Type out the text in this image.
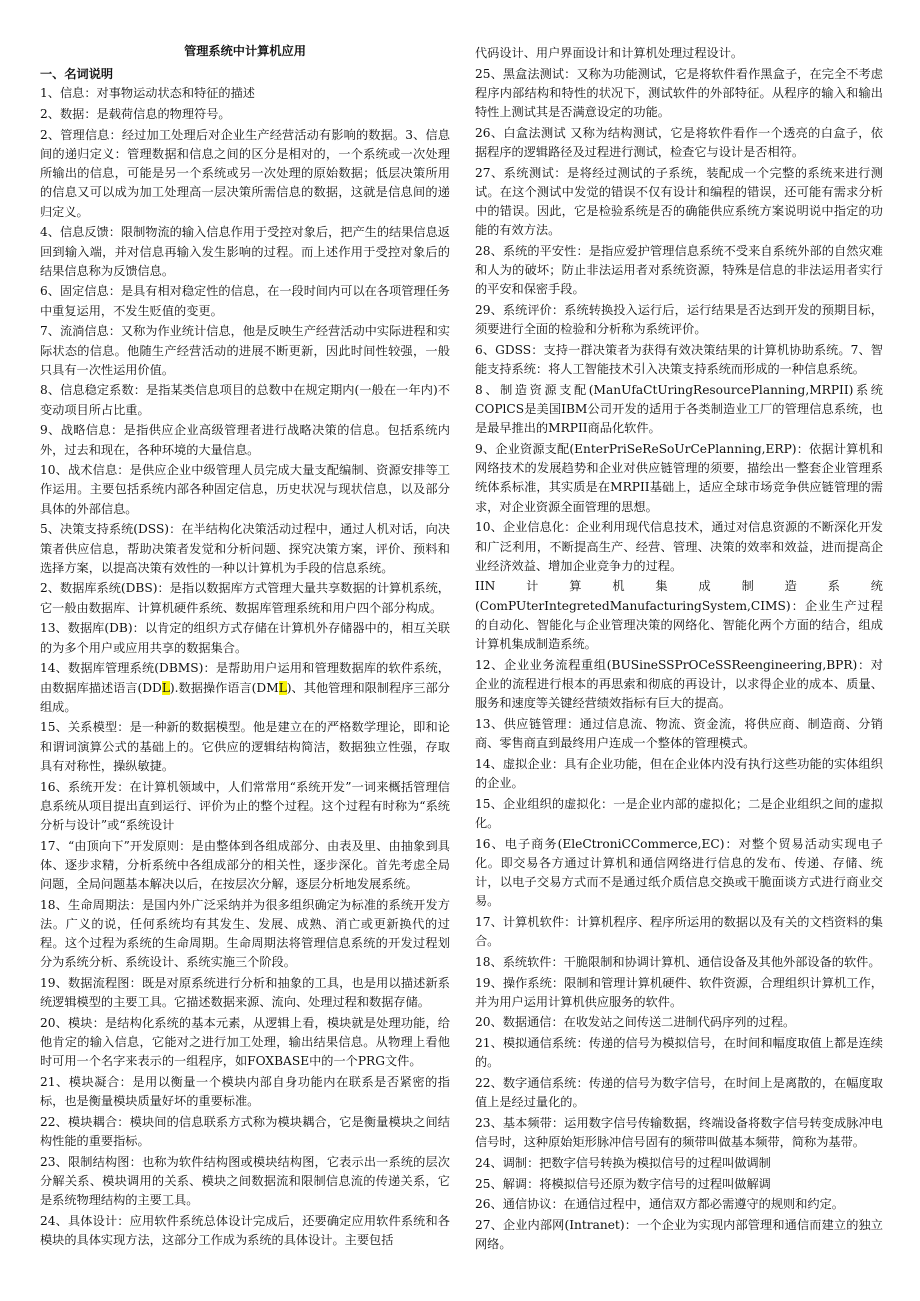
管理系统中计算机应用
一、名词说明
1、信息：对事物运动状态和特征的描述
2、数据：是载荷信息的物理符号。
2、管理信息：经过加工处理后对企业生产经营活动有影响的数据。3、信息间的递归定义：管理数据和信息之间的区分是相对的，一个系统或一次处理所输出的信息，可能是另一个系统或另一次处理的原始数据；低层决策所用的信息又可以成为加工处理高一层决策所需信息的数据，这就是信息间的递归定义。
4、信息反馈：限制物流的输入信息作用于受控对象后，把产生的结果信息返回到输入端，并对信息再输入发生影响的过程。而上述作用于受控对象后的结果信息称为反馈信息。
6、固定信息：是具有相对稳定性的信息，在一段时间内可以在各项管理任务中重复运用，不发生贬值的变更。
7、流淌信息：又称为作业统计信息，他是反映生产经营活动中实际进程和实际状态的信息。他随生产经营活动的进展不断更新，因此时间性较强，一般只具有一次性运用价值。
8、信息稳定系数：是指某类信息项目的总数中在规定期内(一般在一年内)不变动项目所占比重。
9、战略信息：是指供应企业高级管理者进行战略决策的信息。包括系统内外，过去和现在，各种环境的大量信息。
10、战术信息：是供应企业中级管理人员完成大量支配编制、资源安排等工作运用。主要包括系统内部各种固定信息，历史状况与现状信息，以及部分具体的外部信息。
5、决策支持系统(DSS)：在半结构化决策活动过程中，通过人机对话，向决策者供应信息，帮助决策者发觉和分析问题、探究决策方案，评价、预料和选择方案，以提高决策有效性的一种以计算机为手段的信息系统。
2、数据库系统(DBS)：是指以数据库方式管理大量共享数据的计算机系统，它一般由数据库、计算机硬件系统、数据库管理系统和用户四个部分构成。
13、数据库(DB)：以肯定的组织方式存储在计算机外存储器中的，相互关联的为多个用户或应用共享的数据集合。
14、数据库管理系统(DBMS)：是帮助用户运用和管理数据库的软件系统，由数据库描述语言(DDL).数据操作语言(DML)、其他管理和限制程序三部分组成。
15、关系模型：是一种新的数据模型。他是建立在的严格数学理论，即和论和谓词演算公式的基础上的。它供应的逻辑结构简洁，数据独立性强，存取具有对称性，操纵敏捷。
16、系统开发：在计算机领域中，人们常常用“系统开发”一词来概括管理信息系统从项目提出直到运行、评价为止的整个过程。这个过程有时称为“系统分析与设计”或“系统设计
17、“由顶向下”开发原则：是由整体到各组成部分、由表及里、由抽象到具体、逐步求精，分析系统中各组成部分的相关性，逐步深化。首先考虑全局问题，全局问题基本解决以后，在按层次分解，逐层分析地发展系统。
18、生命周期法：是国内外广泛采纳并为很多组织确定为标准的系统开发方法。广义的说，任何系统均有其发生、发展、成熟、消亡或更新换代的过程。这个过程为系统的生命周期。生命周期法将管理信息系统的开发过程划分为系统分析、系统设计、系统实施三个阶段。
19、数据流程图：既是对原系统进行分析和抽象的工具，也是用以描述新系统逻辑模型的主要工具。它描述数据来源、流向、处理过程和数据存储。
20、模块：是结构化系统的基本元素，从逻辑上看，模块就是处理功能，给他肯定的输入信息，它能对之进行加工处理，输出结果信息。从物理上看他时可用一个名字来表示的一组程序，如FOXBASE中的一个PRG文件。
21、模块凝合：是用以衡量一个模块内部自身功能内在联系是否紧密的指标，也是衡量模块质量好坏的重要标准。
22、模块耦合：模块间的信息联系方式称为模块耦合，它是衡量模块之间结构性能的重要指标。
23、限制结构图：也称为软件结构图或模块结构图，它表示出一系统的层次分解关系、模块调用的关系、模块之间数据流和限制信息流的传递关系，它是系统物理结构的主要工具。
24、具体设计：应用软件系统总体设计完成后，还要确定应用软件系统和各模块的具体实现方法，这部分工作成为系统的具体设计。主要包括
代码设计、用户界面设计和计算机处理过程设计。
25、黑盒法测试：又称为功能测试，它是将软件看作黑盒子，在完全不考虑程序内部结构和特性的状况下，测试软件的外部特征。从程序的输入和输出特性上测试其是否满意设定的功能。
26、白盒法测试 又称为结构测试，它是将软件看作一个透亮的白盒子，依据程序的逻辑路径及过程进行测试，检查它与设计是否相符。
27、系统测试：是将经过测试的子系统，装配成一个完整的系统来进行测试。在这个测试中发觉的错误不仅有设计和编程的错误，还可能有需求分析中的错误。因此，它是检验系统是否的确能供应系统方案说明说中指定的功能的有效方法。
28、系统的平安性：是指应爱护管理信息系统不受来自系统外部的自然灾难和人为的破坏；防止非法运用者对系统资源，特殊是信息的非法运用者实行的平安和保密手段。
29、系统评价：系统转换投入运行后，运行结果是否达到开发的预期目标，须要进行全面的检验和分析称为系统评价。
6、GDSS：支持一群决策者为获得有效决策结果的计算机协助系统。7、智能支持系统：将人工智能技术引入决策支持系统而形成的一种信息系统。
8、制造资源支配(ManUfaCtUringResourcePlanning,MRPII)系统 COPlCS是美国IBM公司开发的适用于各类制造业工厂的管理信息系统，也是最早推出的MRPII商品化软件。
9、企业资源支配(EnterPriSeReSoUrCePlanning,ERP)：依据计算机和网络技术的发展趋势和企业对供应链管理的须要，描绘出一整套企业管理系统体系标准，其实质是在MRPII基础上，适应全球市场竞争供应链管理的需求，对企业资源全面管理的思想。
10、企业信息化：企业利用现代信息技术，通过对信息资源的不断深化开发和广泛利用，不断提高生产、经营、管理、决策的效率和效益，进而提高企业经济效益、增加企业竞争力的过程。
IIN计算机集成制造系统(ComPUterIntegretedManufacturingSystem,CIMS)：企业生产过程的自动化、智能化与企业管理决策的网络化、智能化两个方面的结合，组成计算机集成制造系统。
12、企业业务流程重组(BUSineSSPrOCeSSReengineering,BPR)：对企业的流程进行根本的再思索和彻底的再设计，以求得企业的成本、质量、服务和速度等关键经营绩效指标有巨大的提高。
13、供应链管理：通过信息流、物流、资金流，将供应商、制造商、分销商、零售商直到最终用户连成一个整体的管理模式。
14、虚拟企业：具有企业功能，但在企业体内没有执行这些功能的实体组织的企业。
15、企业组织的虚拟化：一是企业内部的虚拟化；二是企业组织之间的虚拟化。
16、电子商务(EleCtroniCCommerce,EC)：对整个贸易活动实现电子化。即交易各方通过计算机和通信网络进行信息的发布、传递、存储、统计，以电子交易方式而不是通过纸介质信息交换或干脆面谈方式进行商业交易。
17、计算机软件：计算机程序、程序所运用的数据以及有关的文档资料的集合。
18、系统软件：干脆限制和协调计算机、通信设备及其他外部设备的软件。
19、操作系统：限制和管理计算机硬件、软件资源，合理组织计算机工作，并为用户运用计算机供应服务的软件。
20、数据通信：在收发站之间传送二进制代码序列的过程。
21、模拟通信系统：传递的信号为模拟信号，在时间和幅度取值上都是连续的。
22、数字通信系统：传递的信号为数字信号，在时间上是离散的，在幅度取值上是经过量化的。
23、基本频带：运用数字信号传输数据，终端设备将数字信号转变成脉冲电信号时，这种原始矩形脉冲信号固有的频带叫做基本频带，简称为基带。
24、调制：把数字信号转换为模拟信号的过程叫做调制
25、解调：将模拟信号还原为数字信号的过程叫做解调
26、通信协议：在通信过程中，通信双方都必需遵守的规则和约定。
27、企业内部网(Intranet)：一个企业为实现内部管理和通信而建立的独立网络。
